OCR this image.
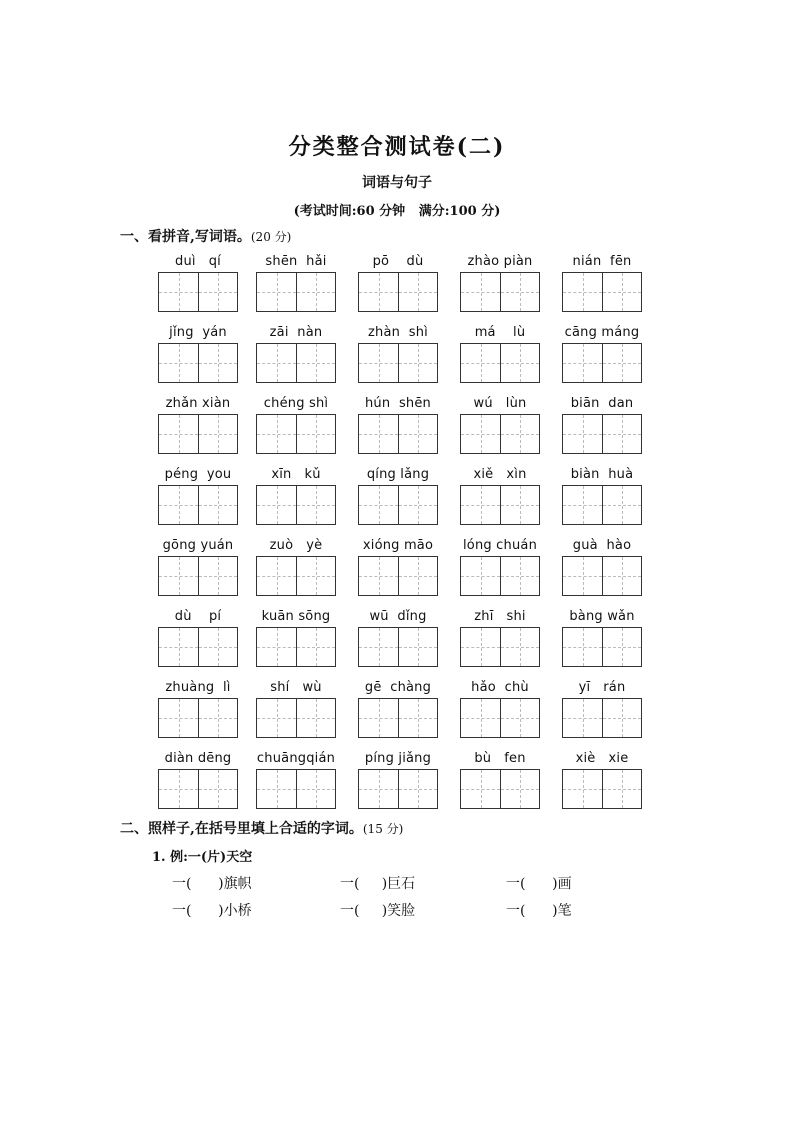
分类整合测试卷(二)
词语与句子
(考试时间:60 分钟   满分:100 分)
一、看拼音,写词语。(20 分)
duì   qí	shēn  hǎi	pō    dù	zhào piàn	nián  fēn
jǐng  yán	zāi  nàn	zhàn  shì	má    lù	cāng máng
zhǎn xiàn	chéng shì	hún  shēn	wú   lùn	biān  dan
péng  you	xīn   kǔ	qíng lǎng	xiě   xìn	biàn  huà
gōng yuán	zuò   yè	xióng māo	lóng chuán	guà  hào
dù    pí	kuān sōng	wū  dǐng	zhī   shi	bàng wǎn
zhuàng  lì	shí   wù	gē  chàng	hǎo  chù	yī   rán
diàn dēng	chuāngqián	píng jiǎng	bù   fen	xiè   xie
二、照样子,在括号里填上合适的字词。(15 分)
1. 例:一(片)天空
一(      )旗帜	一(     )巨石	一(      )画
一(      )小桥	一(     )笑脸	一(      )笔
